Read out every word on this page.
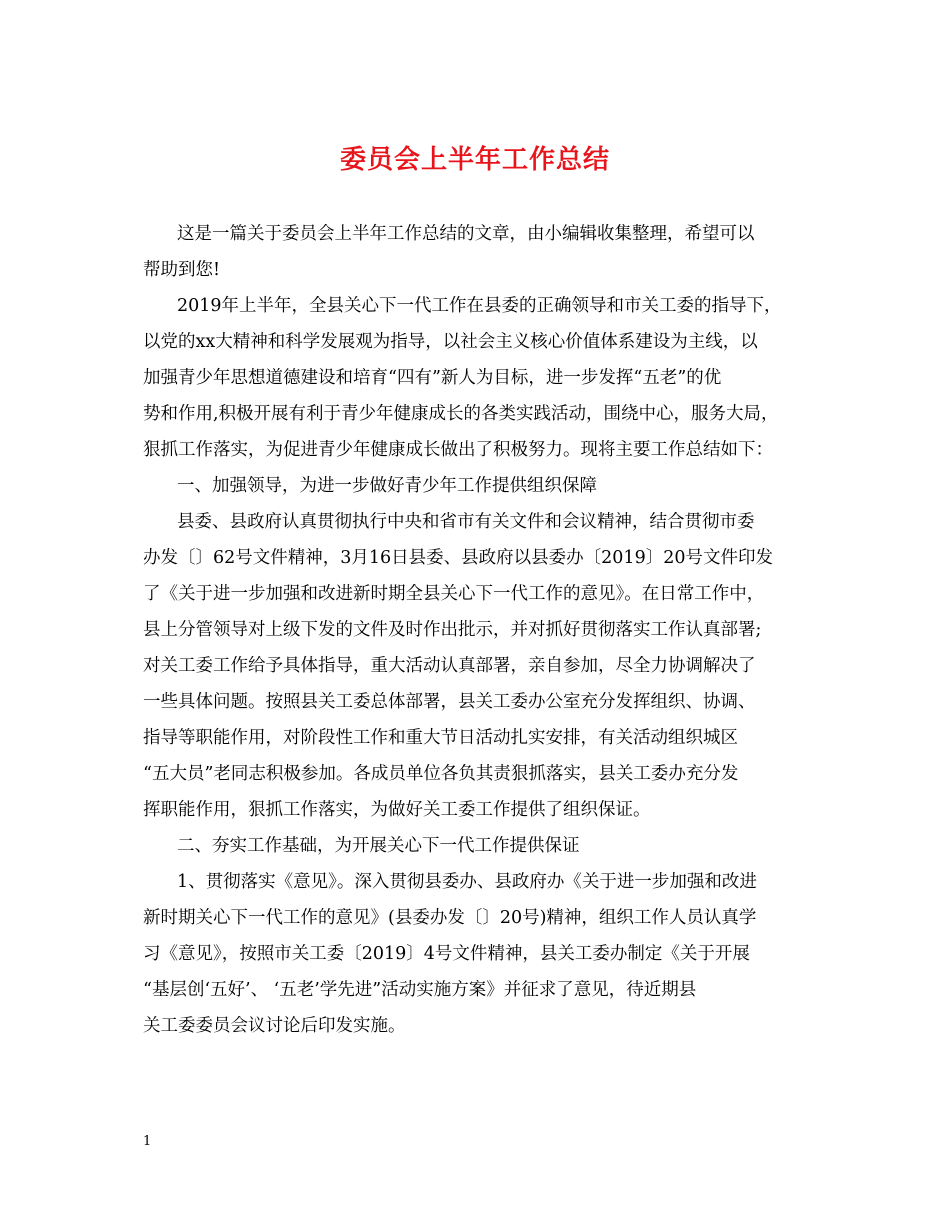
委员会上半年工作总结
这是一篇关于委员会上半年工作总结的文章，由小编辑收集整理，希望可以
帮助到您!
2019年上半年，全县关心下一代工作在县委的正确领导和市关工委的指导下，
以党的xx大精神和科学发展观为指导，以社会主义核心价值体系建设为主线，以
加强青少年思想道德建设和培育“四有”新人为目标，进一步发挥“五老”的优
势和作用,积极开展有利于青少年健康成长的各类实践活动，围绕中心，服务大局，
狠抓工作落实，为促进青少年健康成长做出了积极努力。现将主要工作总结如下：
一、加强领导，为进一步做好青少年工作提供组织保障
县委、县政府认真贯彻执行中央和省市有关文件和会议精神，结合贯彻市委
办发〔〕62号文件精神，3月16日县委、县政府以县委办〔2019〕20号文件印发
了《关于进一步加强和改进新时期全县关心下一代工作的意见》。在日常工作中，
县上分管领导对上级下发的文件及时作出批示，并对抓好贯彻落实工作认真部署;
对关工委工作给予具体指导，重大活动认真部署，亲自参加，尽全力协调解决了
一些具体问题。按照县关工委总体部署，县关工委办公室充分发挥组织、协调、
指导等职能作用，对阶段性工作和重大节日活动扎实安排，有关活动组织城区
“五大员”老同志积极参加。各成员单位各负其责狠抓落实，县关工委办充分发
挥职能作用，狠抓工作落实，为做好关工委工作提供了组织保证。
二、夯实工作基础，为开展关心下一代工作提供保证
1、贯彻落实《意见》。深入贯彻县委办、县政府办《关于进一步加强和改进
新时期关心下一代工作的意见》(县委办发〔〕20号)精神，组织工作人员认真学
习《意见》，按照市关工委〔2019〕4号文件精神，县关工委办制定《关于开展
“基层创‘五好’、 ‘五老’学先进”活动实施方案》并征求了意见，待近期县
关工委委员会议讨论后印发实施。
1
